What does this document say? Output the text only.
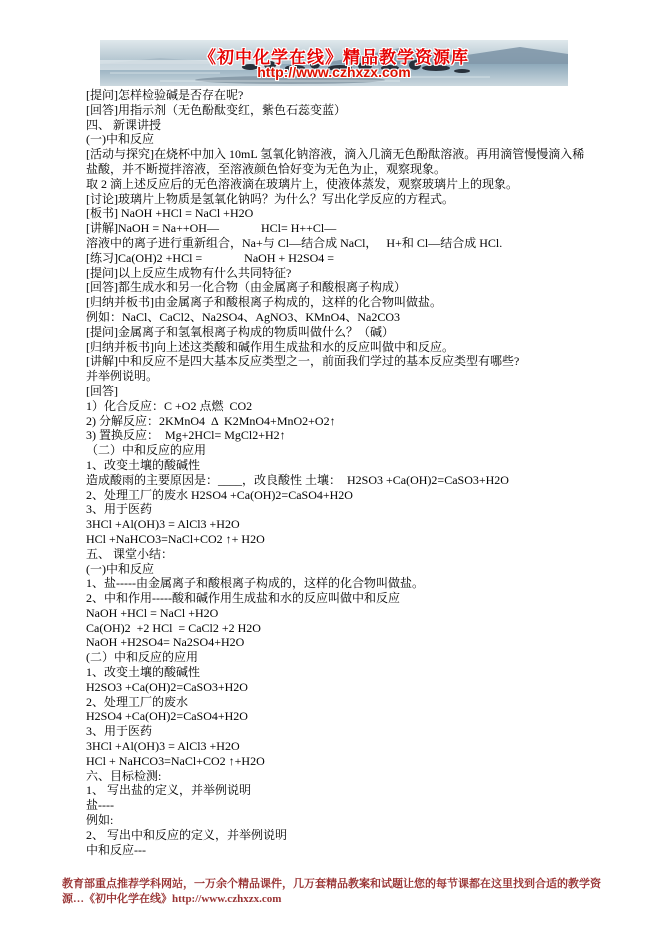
《初中化学在线》精品教学资源库
http://www.czhxzx.com
[提问]怎样检验碱是否存在呢?
[回答]用指示剂（无色酚酞变红，紫色石蕊变蓝）
四、 新课讲授
(一)中和反应
[活动与探究]在烧杯中加入 10mL 氢氧化钠溶液，滴入几滴无色酚酞溶液。再用滴管慢慢滴入稀
盐酸，并不断搅拌溶液，至溶液颜色恰好变为无色为止，观察现象。
取 2 滴上述反应后的无色溶液滴在玻璃片上，使液体蒸发，观察玻璃片上的现象。
[讨论]玻璃片上物质是氢氧化钠吗？为什么？写出化学反应的方程式。
[板书] NaOH +HCl = NaCl +H2O
[讲解]NaOH = Na++OH—              HCl= H++Cl—
溶液中的离子进行重新组合，Na+与 Cl—结合成 NaCl，   H+和 Cl—结合成 HCl.
[练习]Ca(OH)2 +HCl =              NaOH + H2SO4 =
[提问]以上反应生成物有什么共同特征?
[回答]都生成水和另一化合物（由金属离子和酸根离子构成）
[归纳并板书]由金属离子和酸根离子构成的，这样的化合物叫做盐。
例如：NaCl、CaCl2、Na2SO4、AgNO3、KMnO4、Na2CO3
[提问]金属离子和氢氧根离子构成的物质叫做什么？（碱）
[归纳并板书]向上述这类酸和碱作用生成盐和水的反应叫做中和反应。
[讲解]中和反应不是四大基本反应类型之一，前面我们学过的基本反应类型有哪些?
并举例说明。
[回答]
1）化合反应：C +O2 点燃  CO2
2) 分解反应：2KMnO4  Δ  K2MnO4+MnO2+O2↑
3) 置换反应：  Mg+2HCl= MgCl2+H2↑
（二）中和反应的应用
1、改变土壤的酸碱性
造成酸雨的主要原因是：____，改良酸性 土壤：  H2SO3 +Ca(OH)2=CaSO3+H2O
2、处理工厂的废水 H2SO4 +Ca(OH)2=CaSO4+H2O
3、用于医药
3HCl +Al(OH)3 = AlCl3 +H2O
HCl +NaHCO3=NaCl+CO2 ↑+ H2O
五、 课堂小结：
(一)中和反应
1、盐-----由金属离子和酸根离子构成的，这样的化合物叫做盐。
2、中和作用-----酸和碱作用生成盐和水的反应叫做中和反应
NaOH +HCl = NaCl +H2O
Ca(OH)2  +2 HCl  = CaCl2 +2 H2O
NaOH +H2SO4= Na2SO4+H2O
(二）中和反应的应用
1、改变土壤的酸碱性
H2SO3 +Ca(OH)2=CaSO3+H2O
2、处理工厂的废水
H2SO4 +Ca(OH)2=CaSO4+H2O
3、用于医药
3HCl +Al(OH)3 = AlCl3 +H2O
HCl + NaHCO3=NaCl+CO2 ↑+H2O
六、目标检测:
1、 写出盐的定义，并举例说明
盐----
例如:
2、 写出中和反应的定义，并举例说明
中和反应---
教育部重点推荐学科网站，一万余个精品课件，几万套精品教案和试题让您的每节课都在这里找到合适的教学资源…《初中化学在线》http://www.czhxzx.com
